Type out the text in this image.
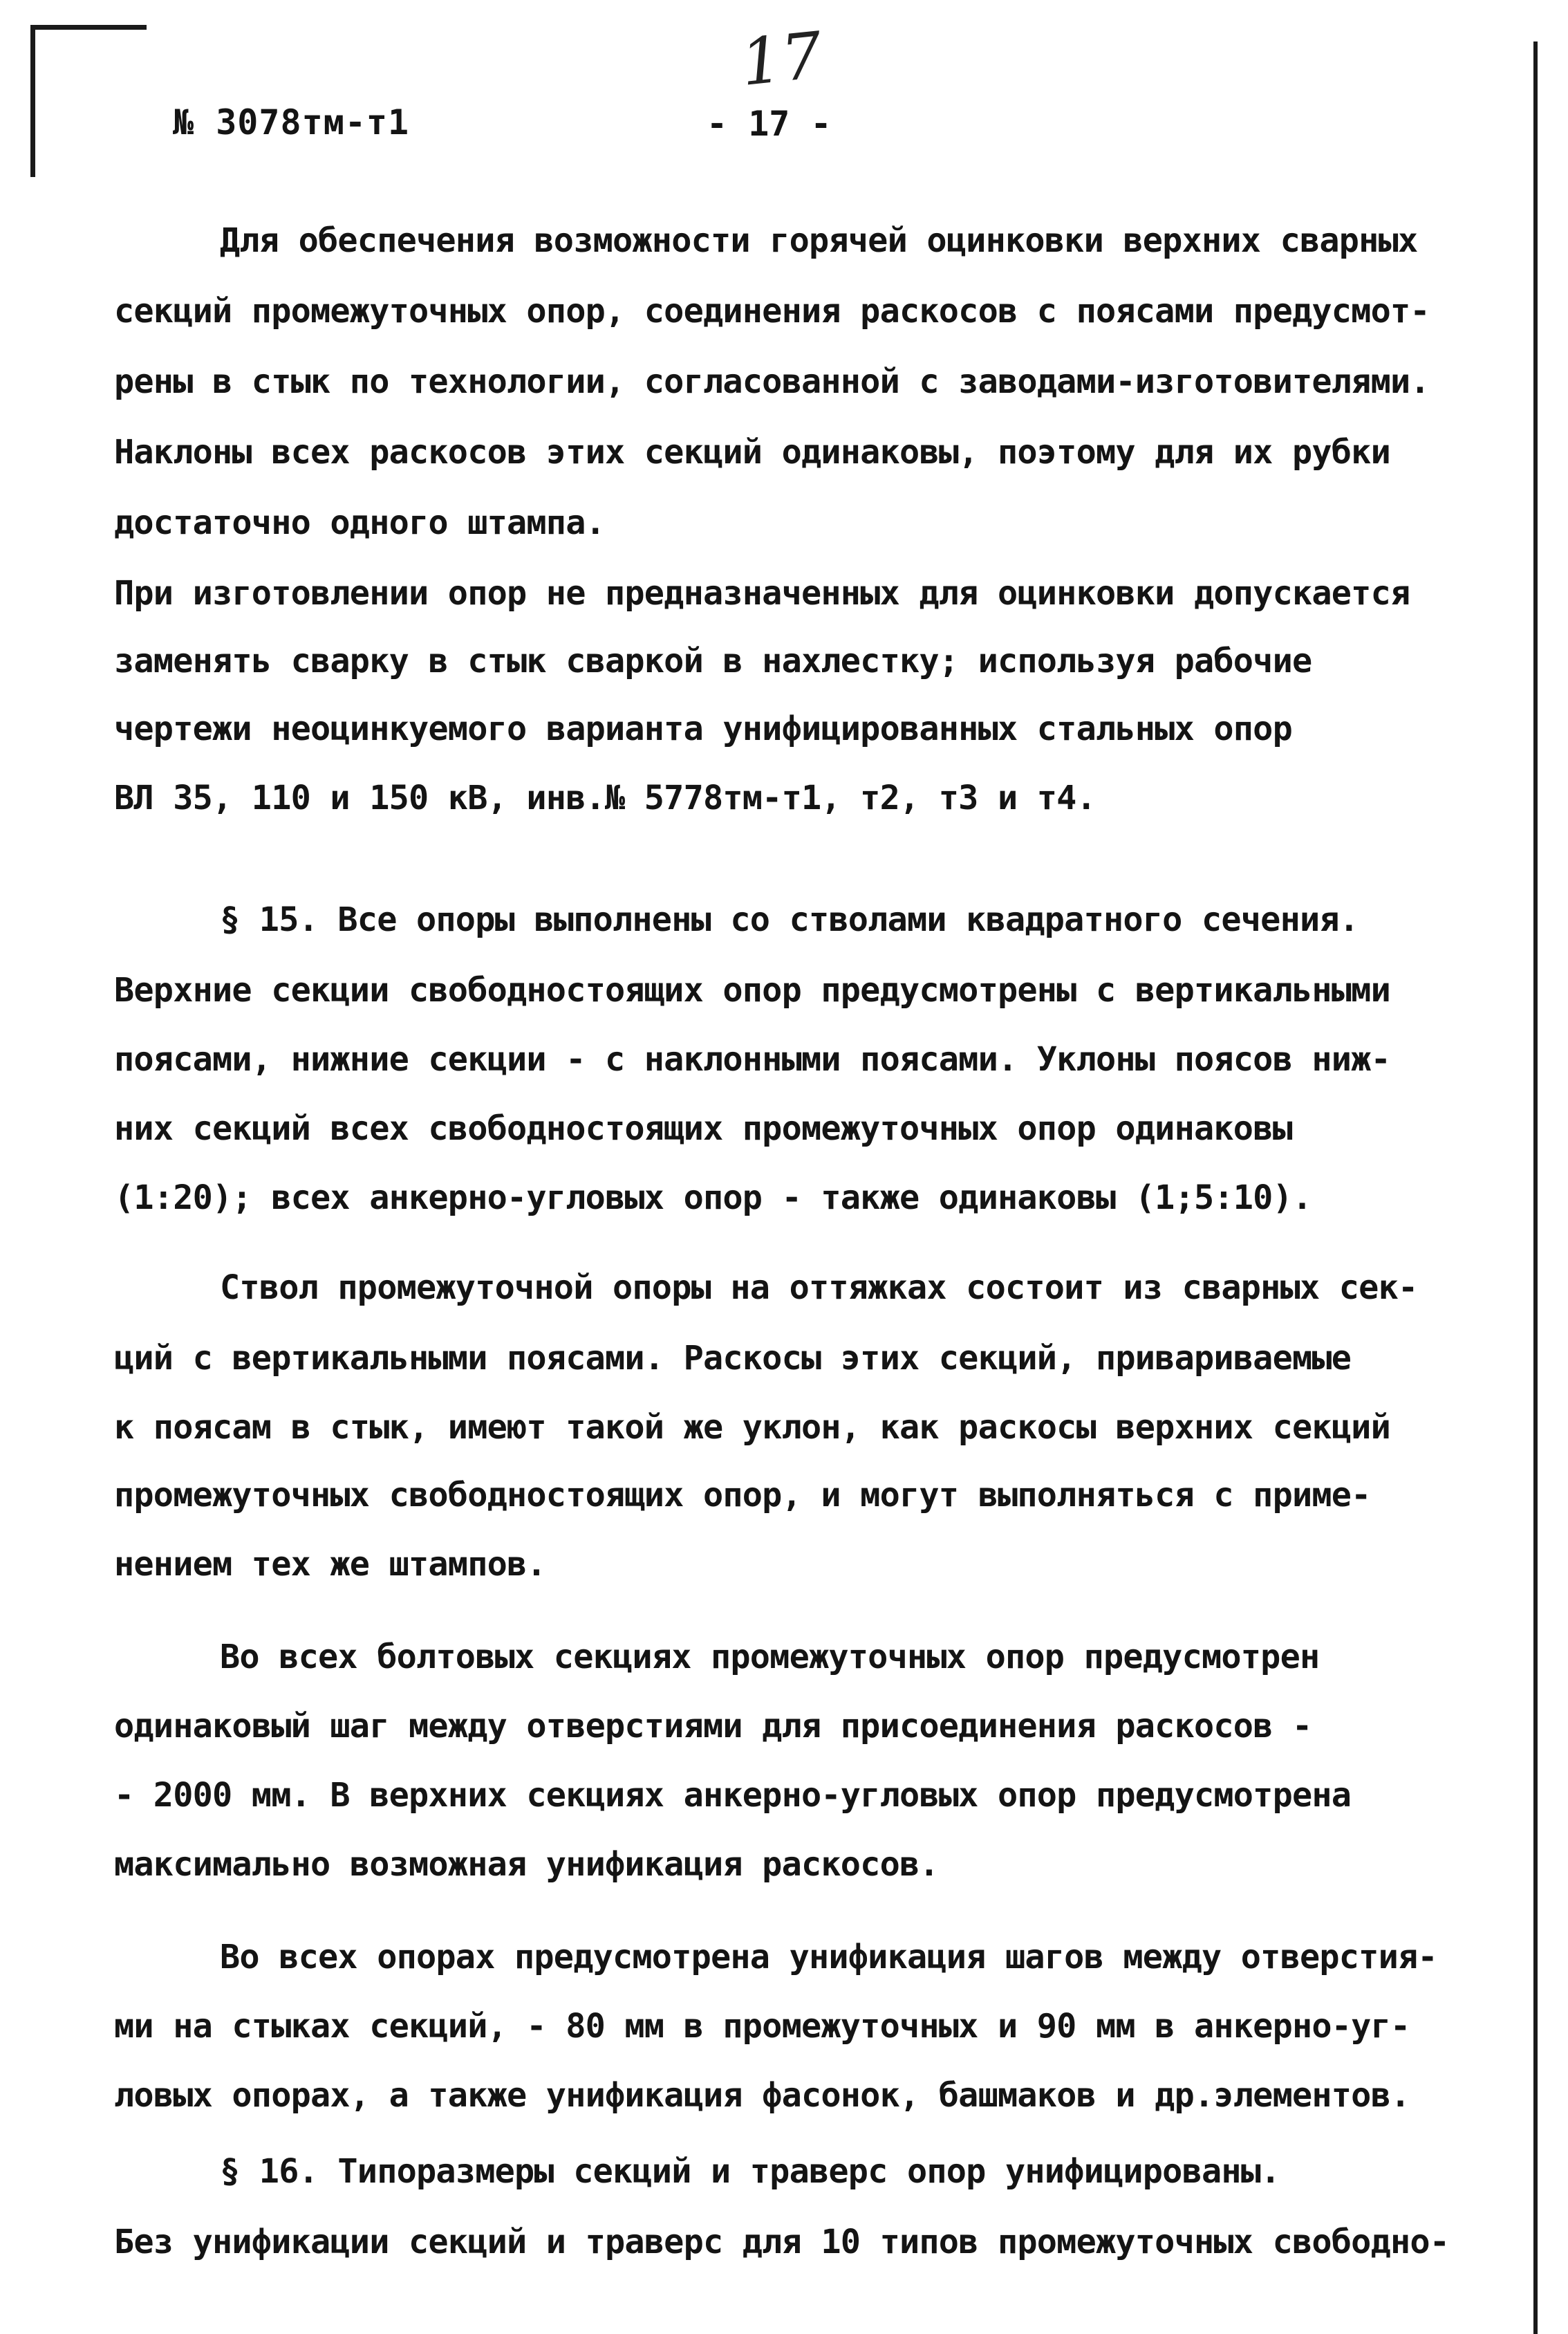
17
№ 3078тм-т1	- 17 -
Для обеспечения возможности горячей оцинковки верхних сварных
секций промежуточных опор, соединения раскосов с поясами предусмот-
рены в стык по технологии, согласованной с заводами-изготовителями.
Наклоны всех раскосов этих секций одинаковы, поэтому для их рубки
достаточно одного штампа.
При изготовлении опор не предназначенных для оцинковки допускается
заменять сварку в стык сваркой в нахлестку; используя рабочие
чертежи неоцинкуемого варианта унифицированных стальных опор
ВЛ 35, 110 и 150 кВ, инв.№ 5778тм-т1, т2, т3 и т4.
§ 15. Все опоры выполнены со стволами квадратного сечения.
Верхние секции свободностоящих опор предусмотрены с вертикальными
поясами, нижние секции - с наклонными поясами. Уклоны поясов ниж-
них секций всех свободностоящих промежуточных опор одинаковы
(1:20); всех анкерно-угловых опор - также одинаковы (1;5:10).
Ствол промежуточной опоры на оттяжках состоит из сварных сек-
ций с вертикальными поясами. Раскосы этих секций, привариваемые
к поясам в стык, имеют такой же уклон, как раскосы верхних секций
промежуточных свободностоящих опор, и могут выполняться с приме-
нением тех же штампов.
Во всех болтовых секциях промежуточных опор предусмотрен
одинаковый шаг между отверстиями для присоединения раскосов -
- 2000 мм. В верхних секциях анкерно-угловых опор предусмотрена
максимально возможная унификация раскосов.
Во всех опорах предусмотрена унификация шагов между отверстия-
ми на стыках секций, - 80 мм в промежуточных и 90 мм в анкерно-уг-
ловых опорах, а также унификация фасонок, башмаков и др.элементов.
§ 16. Типоразмеры секций и траверс опор унифицированы.
Без унификации секций и траверс для 10 типов промежуточных свободно-
